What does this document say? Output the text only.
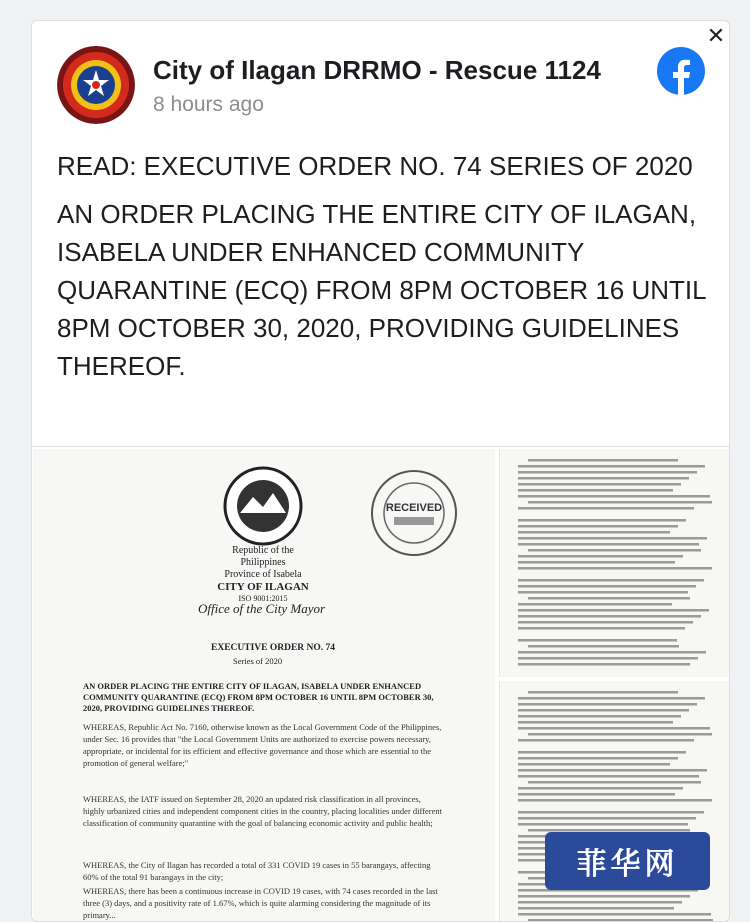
City of Ilagan DRRMO - Rescue 1124
8 hours ago

READ: EXECUTIVE ORDER NO. 74 SERIES OF 2020

AN ORDER PLACING THE ENTIRE CITY OF ILAGAN, ISABELA UNDER ENHANCED COMMUNITY QUARANTINE (ECQ) FROM 8PM OCTOBER 16 UNTIL 8PM OCTOBER 30, 2020, PROVIDING GUIDELINES THEREOF.

Republic of the Philippines
Province of Isabela
CITY OF ILAGAN
ISO 9001:2015
Office of the City Mayor
EXECUTIVE ORDER NO. 74
Series of 2020
RECEIVED
AN ORDER PLACING THE ENTIRE CITY OF ILAGAN, ISABELA UNDER ENHANCED COMMUNITY QUARANTINE (ECQ) FROM 8PM OCTOBER 16 UNTIL 8PM OCTOBER 30, 2020, PROVIDING GUIDELINES THEREOF.
WHEREAS, Republic Act No. 7160, otherwise known as the Local Government Code of the Philippines, under Sec. 16 provides that "the Local Government Units are authorized to exercise powers necessary, appropriate, or incidental for its efficient and effective governance and those which are essential to the promotion of general welfare;"
WHEREAS, the IATF issued on September 28, 2020 an updated risk classification in all provinces, highly urbanized cities and independent component cities in the country, placing localities under different classification of community quarantine with the goal of balancing economic activity and public health;
WHEREAS, the City of Ilagan has recorded a total of 331 COVID 19 cases in 55 barangays, affecting 60% of the total 91 barangays in the city;
WHEREAS, there has been a continuous increase in COVID 19 cases, with 74 cases recorded in the last three (3) days, and a positivity rate of 1.67%, which is quite alarming considering the magnitude of its primary...
✕
菲华网
